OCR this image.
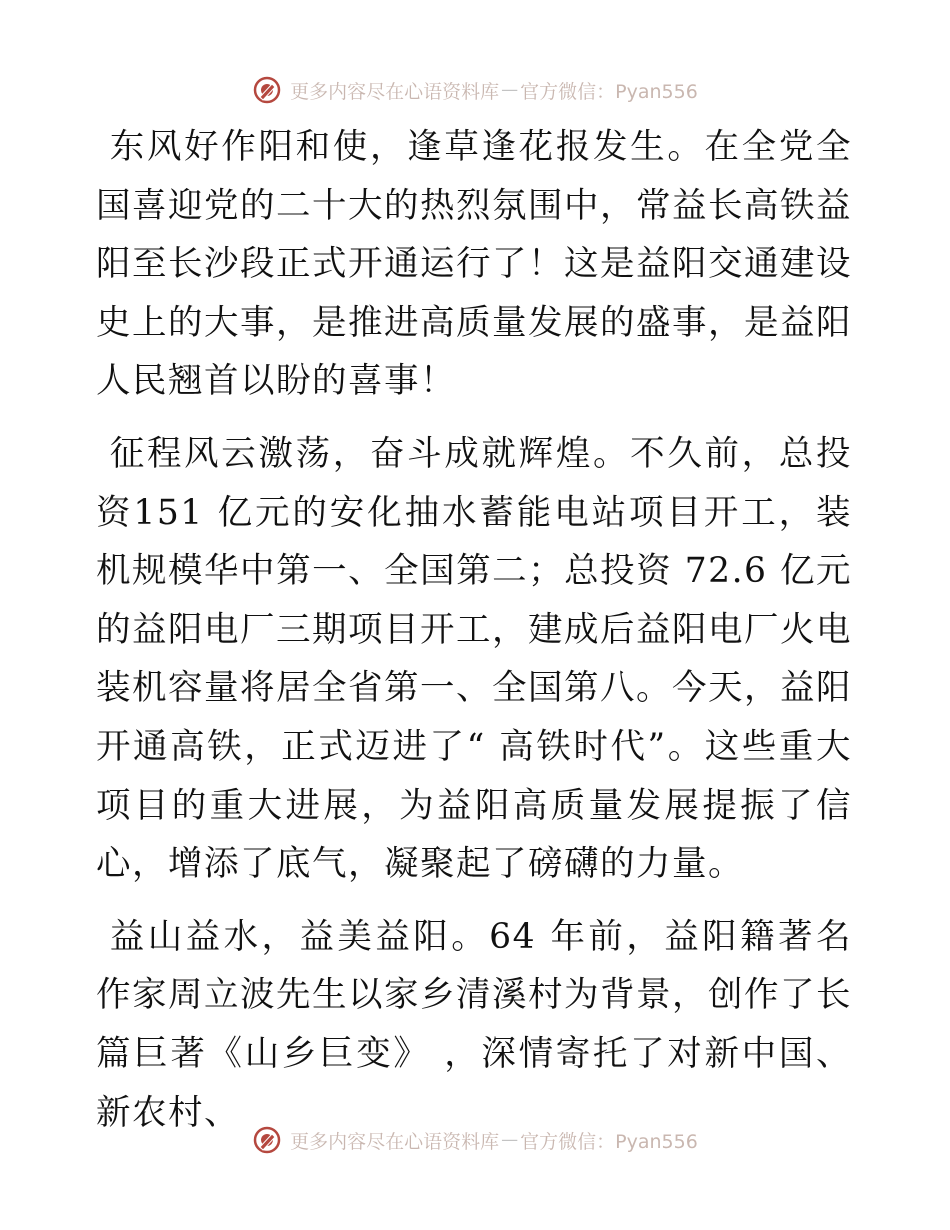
更多内容尽在心语资料库 — 官方微信：Pyan556

东风好作阳和使，逢草逢花报发生。在全党全国喜迎党的二十大的热烈氛围中，常益长高铁益阳至长沙段正式开通运行了！这是益阳交通建设史上的大事，是推进高质量发展的盛事，是益阳人民翘首以盼的喜事！

征程风云激荡，奋斗成就辉煌。不久前，总投资151 亿元的安化抽水蓄能电站项目开工，装机规模华中第一、全国第二；总投资 72.6 亿元的益阳电厂三期项目开工，建成后益阳电厂火电装机容量将居全省第一、全国第八。今天，益阳开通高铁，正式迈进了“ 高铁时代”。这些重大项目的重大进展，为益阳高质量发展提振了信心，增添了底气，凝聚起了磅礴的力量。

益山益水，益美益阳。64 年前，益阳籍著名作家周立波先生以家乡清溪村为背景，创作了长篇巨著《山乡巨变》 ，深情寄托了对新中国、新农村、

更多内容尽在心语资料库 — 官方微信：Pyan556
